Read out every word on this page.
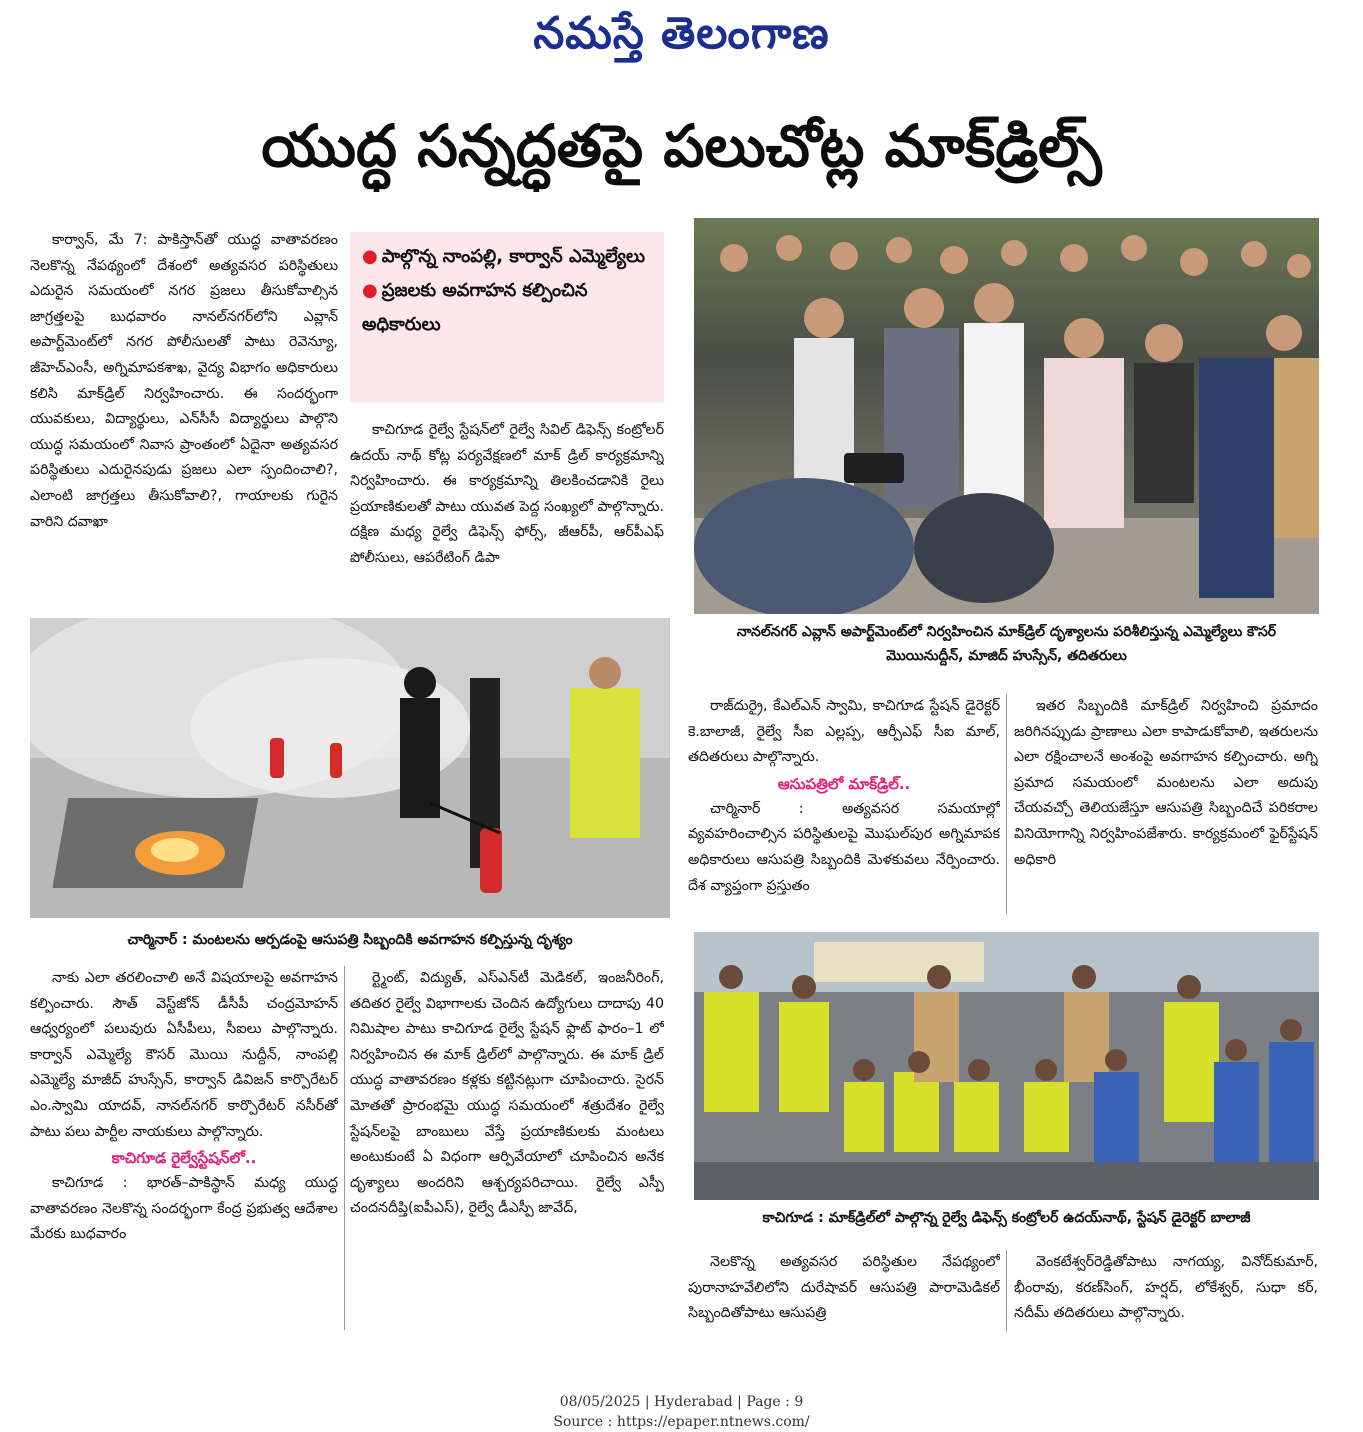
నమస్తే తెలంగాణ
యుద్ధ సన్నద్ధతపై పలుచోట్ల మాక్‌డ్రిల్స్

కార్వాన్, మే 7: పాకిస్తాన్‌తో యుద్ధ వాతావరణం నెలకొన్న నేపథ్యంలో దేశంలో అత్యవసర పరిస్థితులు ఎదురైన సమయంలో నగర ప్రజలు తీసుకోవాల్సిన జాగ్రత్తలపై బుధవారం నానల్‌నగర్‌లోని ఎవ్లాన్ అపార్ట్‌మెంట్‌లో నగర పోలీసులతో పాటు రెవెన్యూ, జీహెచ్‌ఎంసీ, అగ్నిమాపకశాఖ, వైద్య విభాగం అధికారులు కలిసి మాక్‌డ్రిల్ నిర్వహించారు. ఈ సందర్భంగా యువకులు, విద్యార్థులు, ఎన్‌సీసీ విద్యార్థులు పాల్గొని యుద్ధ సమయంలో నివాస ప్రాంతంలో ఏదైనా అత్యవసర పరిస్థితులు ఎదురైనపుడు ప్రజలు ఎలా స్పందించాలి?, ఎలాంటి జాగ్రత్తలు తీసుకోవాలి?, గాయాలకు గురైన వారిని దవాఖా

● పాల్గొన్న నాంపల్లి, కార్వాన్ ఎమ్మెల్యేలు
● ప్రజలకు అవగాహన కల్పించిన అధికారులు

కాచిగూడ రైల్వే స్టేషన్‌లో రైల్వే సివిల్ డిఫెన్స్ కంట్రోలర్ ఉదయ్ నాథ్ కోట్ల పర్యవేక్షణలో మాక్ డ్రిల్ కార్యక్రమాన్ని నిర్వహించారు. ఈ కార్యక్రమాన్ని తిలకించడానికి రైలు ప్రయాణికులతో పాటు యువత పెద్ద సంఖ్యలో పాల్గొన్నారు. దక్షిణ మధ్య రైల్వే డిఫెన్స్ ఫోర్స్, జీఆర్‌పీ, ఆర్‌పీఎఫ్ పోలీసులు, ఆపరేటింగ్ డిపా

నానల్‌నగర్ ఎవ్లాన్ అపార్ట్‌మెంట్‌లో నిర్వహించిన మాక్‌డ్రిల్ దృశ్యాలను పరిశీలిస్తున్న ఎమ్మెల్యేలు కౌసర్ మొయినుద్దీన్, మాజిద్ హుస్సేన్, తదితరులు
చార్మినార్ : మంటలను ఆర్పడంపై ఆసుపత్రి సిబ్బందికి అవగాహన కల్పిస్తున్న దృశ్యం

రాజ్‌దుర్రై, కేఎల్ఎన్ స్వామి, కాచిగూడ స్టేషన్ డైరెక్టర్ కె.బాలాజీ, రైల్వే సీఐ ఎల్లప్ప, ఆర్పీఎఫ్ సీఐ మాల్, తదితరులు పాల్గొన్నారు.

ఆసుపత్రిలో మాక్‌డ్రిల్..

చార్మినార్ : అత్యవసర సమయాల్లో వ్యవహరించాల్సిన పరిస్థితులపై మొఘల్‌పుర అగ్నిమాపక అధికారులు ఆసుపత్రి సిబ్బందికి మెళకువలు నేర్పించారు. దేశ వ్యాప్తంగా ప్రస్తుతం

ఇతర సిబ్బందికి మాక్‌డ్రిల్ నిర్వహించి ప్రమాదం జరిగినప్పుడు ప్రాణాలు ఎలా కాపాడుకోవాలి, ఇతరులను ఎలా రక్షించాలనే అంశంపై అవగాహన కల్పించారు. అగ్ని ప్రమాద సమయంలో మంటలను ఎలా అదుపు చేయవచ్చో తెలియజేస్తూ ఆసుపత్రి సిబ్బందిచే పరికరాల వినియోగాన్ని నిర్వహింపజేశారు. కార్యక్రమంలో ఫైర్‌స్టేషన్ అధికారి

కాచిగూడ : మాక్‌డ్రిల్‌లో పాల్గొన్న రైల్వే డిఫెన్స్ కంట్రోలర్ ఉదయ్‌నాథ్, స్టేషన్ డైరెక్టర్ బాలాజీ

నాకు ఎలా తరలించాలి అనే విషయాలపై అవగాహన కల్పించారు. సౌత్ వెస్ట్‌జోన్ డీసీపీ చంద్రమోహన్ ఆధ్వర్యంలో పలువురు ఏసీపీలు, సీఐలు పాల్గొన్నారు. కార్వాన్ ఎమ్మెల్యే కౌసర్ మొయి నుద్దీన్, నాంపల్లి ఎమ్మెల్యే మాజీద్ హుస్సేన్, కార్వాన్ డివిజన్ కార్పొరేటర్ ఎం.స్వామి యాదవ్, నానల్‌నగర్ కార్పొరేటర్ నసీర్‌తో పాటు పలు పార్టీల నాయకులు పాల్గొన్నారు.

కాచిగూడ రైల్వేస్టేషన్‌లో..

కాచిగూడ : భారత్–పాకిస్థాన్ మధ్య యుద్ధ వాతావరణం నెలకొన్న సందర్భంగా కేంద్ర ప్రభుత్వ ఆదేశాల మేరకు బుధవారం

ర్ట్మెంట్, విద్యుత్, ఎస్ఎన్‌టీ మెడికల్, ఇంజనీరింగ్, తదితర రైల్వే విభాగాలకు చెందిన ఉద్యోగులు దాదాపు 40 నిమిషాల పాటు కాచిగూడ రైల్వే స్టేషన్ ఫ్లాట్ ఫారం–1 లో నిర్వహించిన ఈ మాక్ డ్రిల్‌లో పాల్గొన్నారు. ఈ మాక్ డ్రిల్ యుద్ధ వాతావరణం కళ్లకు కట్టినట్లుగా చూపించారు. సైరన్ మోతతో ప్రారంభమై యుద్ధ సమయంలో శత్రుదేశం రైల్వే స్టేషన్‌లపై బాంబులు వేస్తే ప్రయాణికులకు మంటలు అంటుకుంటే ఏ విధంగా ఆర్పివేయాలో చూపించిన అనేక దృశ్యాలు అందరిని ఆశ్చర్యపరిచాయి. రైల్వే ఎస్పీ చందనదీప్తి(ఐపీఎస్), రైల్వే డీఎస్పీ జావేద్,

నెలకొన్న అత్యవసర పరిస్థితుల నేపథ్యంలో పురానాహవేలిలోని దురేషావర్ ఆసుపత్రి పారామెడికల్ సిబ్బందితోపాటు ఆసుపత్రి

వెంకటేశ్వర్‌రెడ్డితోపాటు నాగయ్య, వినోద్‌కుమార్, భీంరావు, కరణ్‌సింగ్, హర్షద్, లోకేశ్వర్, సుధా కర్, నదీమ్ తదితరులు పాల్గొన్నారు.

08/05/2025 | Hyderabad | Page : 9
Source : https://epaper.ntnews.com/
